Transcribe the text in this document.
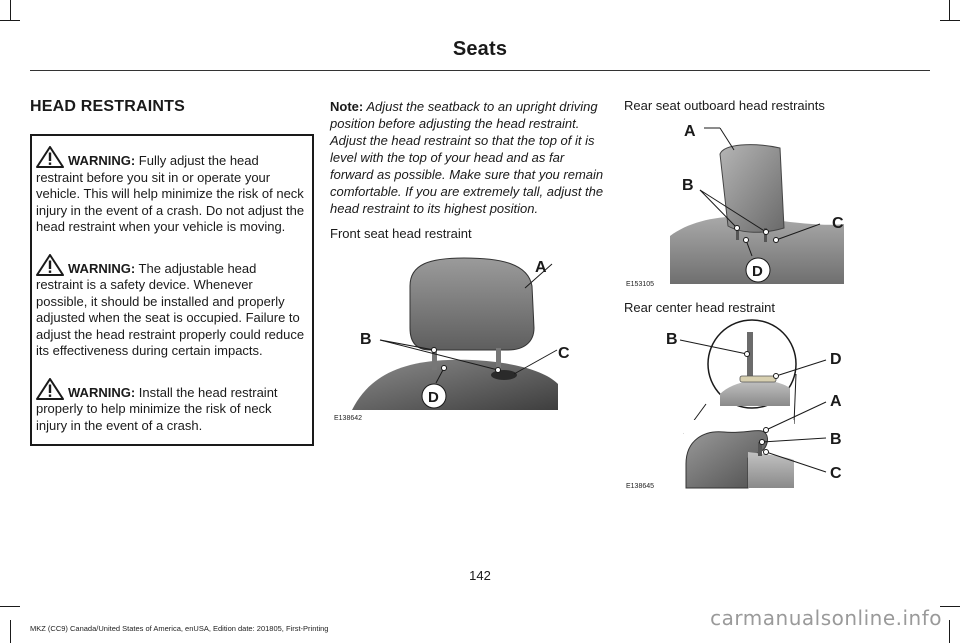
Seats
HEAD RESTRAINTS
WARNING: Fully adjust the head restraint before you sit in or operate your vehicle. This will help minimize the risk of neck injury in the event of a crash. Do not adjust the head restraint when your vehicle is moving.
WARNING: The adjustable head restraint is a safety device. Whenever possible, it should be installed and properly adjusted when the seat is occupied. Failure to adjust the head restraint properly could reduce its effectiveness during certain impacts.
WARNING: Install the head restraint properly to help minimize the risk of neck injury in the event of a crash.
Note: Adjust the seatback to an upright driving position before adjusting the head restraint. Adjust the head restraint so that the top of it is level with the top of your head and as far forward as possible. Make sure that you remain comfortable. If you are extremely tall, adjust the head restraint to its highest position.
Front seat head restraint
A
B
C
D
E138642
Rear seat outboard head restraints
A
B
C
D
E153105
Rear center head restraint
B
D
A
B
C
E138645
142
MKZ (CC9) Canada/United States of America, enUSA, Edition date: 201805, First-Printing	carmanualsonline.info
